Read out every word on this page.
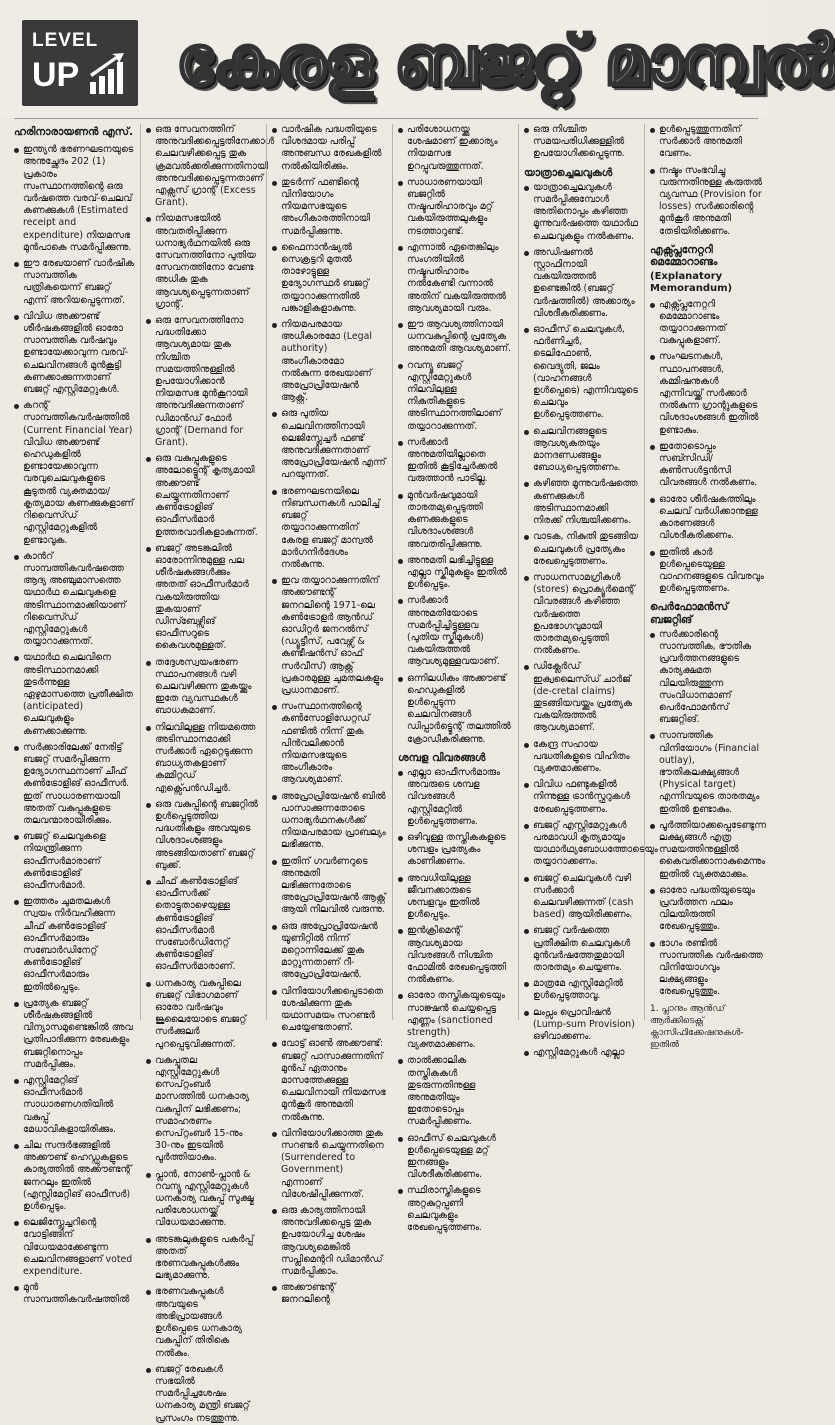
LEVEL
UP കേരള ബജറ്റ് മാന്വൽ
ഹരിനാരായണൻ എസ്.
ഇന്ത്യൻ ഭരണഘടനയുടെ അനുച്ഛേദം 202 (1) പ്രകാരം സംസ്ഥാനത്തിന്റെ ഒരു വർഷത്തെ വരവ്-ചെലവ് കണക്കുകൾ (Estimated receipt and expenditure) നിയമസഭ മുൻപാകെ സമർപ്പിക്കുന്നു.
ഈ രേഖയാണ് വാർഷിക സാമ്പത്തിക പത്രികയെന്ന് ബജറ്റ് എന്ന് അറിയപ്പെടുന്നത്.
വിവിധ അക്കൗണ്ട് ശീർഷകങ്ങളിൽ ഓരോ സാമ്പത്തിക വർഷവും ഉണ്ടായേക്കാവുന്ന വരവ്-ചെലവിനങ്ങൾ മുൻകൂട്ടി കണക്കാക്കുന്നതാണ് ബജറ്റ് എസ്റ്റിമേറ്റുകൾ.
കറന്റ് സാമ്പത്തികവർഷത്തിൽ (Current Financial Year) വിവിധ അക്കൗണ്ട് ഹെഡുകളിൽ ഉണ്ടായേക്കാവുന്ന വരവുചെലവുകളുടെ കൂടുതൽ വ്യക്തമായ/കൃത്യമായ കണക്കുകളാണ് റിവൈസ്ഡ് എസ്റ്റിമേറ്റുകളിൽ ഉണ്ടാവുക.
കാൻറ് സാമ്പത്തികവർഷത്തെ ആദ്യ അഞ്ചുമാസത്തെ യഥാർഥ ചെലവുകളെ അടിസ്ഥാനമാക്കിയാണ് റിവൈസ്ഡ് എസ്റ്റിമേറ്റുകൾ തയ്യാറാക്കുന്നത്.
യഥാർഥ ചെലവിനെ അടിസ്ഥാനമാക്കി തുടർന്നുള്ള ഏഴുമാസത്തെ പ്രതീക്ഷിത (anticipated) ചെലവുകളും കണക്കാക്കുന്നു.
സർക്കാരിലേക്ക് നേരിട്ട് ബജറ്റ് സമർപ്പിക്കുന്ന ഉദ്യോഗസ്ഥനാണ് ചീഫ് കൺട്രോളിങ് ഓഫീസർ. ഇത് സാധാരണയായി അതത് വകുപ്പുകളുടെ തലവന്മാരായിരിക്കും.
ബജറ്റ് ചെലവുകളെ നിയന്ത്രിക്കുന്ന ഓഫീസർമാരാണ് കൺട്രോളിങ് ഓഫീസർമാർ.
ഇത്തരം ചുമതലകൾ സ്വയം നിർവഹിക്കുന്ന ചീഫ് കൺട്രോളിങ് ഓഫീസർമാരും സബോർഡിനേറ്റ് കൺട്രോളിങ് ഓഫീസർമാരും ഇതിൽപ്പെടും.
പ്രത്യേക ബജറ്റ് ശീർഷകങ്ങളിൽ വിന്യാസമുണ്ടെങ്കിൽ അവ പ്രതിപാദിക്കുന്ന രേഖകളും ബജറ്റിനൊപ്പം സമർപ്പിക്കും.
എസ്റ്റിമേറ്റിങ് ഓഫീസർമാർ സാധാരണഗതിയിൽ വകുപ്പ് മേധാവികളായിരിക്കും.
ചില സന്ദർഭങ്ങളിൽ അക്കൗണ്ട് ഹെഡ്ഡുകളുടെ കാര്യത്തിൽ അക്കൗണ്ടന്റ് ജനറലും ഇതിൽ (എസ്റ്റിമേറ്റിങ് ഓഫീസർ) ഉൾപ്പെടും.
ലെജിസ്ലേച്ചറിന്റെ വോട്ടിങ്ങിന് വിധേയമാക്കേണ്ടുന്ന ചെലവിനങ്ങളാണ് voted expenditure.
മുൻ സാമ്പത്തികവർഷത്തിൽ
ഒരു സേവനത്തിന് അനുവദിക്കപ്പെട്ടതിനേക്കാൾ ചെലവഴിക്കപ്പെട്ട തുക ക്രമവൽക്കരിക്കുന്നതിനായി അനുവദിക്കപ്പെടുന്നതാണ് എക്സസ് ഗ്രാന്റ് (Excess Grant).
നിയമസഭയിൽ അവതരിപ്പിക്കുന്ന ധനാഭ്യർഥനയിൽ ഒരു സേവനത്തിനോ പുതിയ സേവനത്തിനോ വേണ്ട അധിക തുക ആവശ്യപ്പെടുന്നതാണ് ഗ്രാന്റ്.
ഒരു സേവനത്തിനോ പദ്ധതിക്കോ ആവശ്യമായ തുക നിശ്ചിത സമയത്തിനുള്ളിൽ ഉപയോഗിക്കാൻ നിയമസഭ മുൻകൂറായി അനുവദിക്കുന്നതാണ് ഡിമാൻഡ് ഫോർ ഗ്രാന്റ് (Demand for Grant).
ഒരു വകുപ്പുകളുടെ അലോട്ട്മെന്റ് കൃത്യമായി അക്കൗണ്ട് ചെയ്യുന്നതിനാണ് കൺട്രോളിങ് ഓഫീസർമാർ ഉത്തരവാദികളാകുന്നത്.
ബജറ്റ് അടങ്കലിൽ ഓരോന്നിനുമുള്ള പല ശീർഷകങ്ങൾക്കും അതത് ഓഫീസർമാർ വകയിരുത്തിയ തുകയാണ് ഡിസ്ബേഴ്സിങ് ഓഫീസറുടെ കൈവശമുള്ളത്.
തദ്ദേശസ്വയംഭരണ സ്ഥാപനങ്ങൾ വഴി ചെലവഴിക്കുന്ന തുകയ്ക്കും ഇതേ വ്യവസ്ഥകൾ ബാധകമാണ്.
നിലവിലുള്ള നിയമത്തെ അടിസ്ഥാനമാക്കി സർക്കാർ ഏറ്റെടുക്കുന്ന ബാധ്യതകളാണ് കമ്മിറ്റഡ് എക്സ്പെൻഡിച്ചർ.
ഒരു വകുപ്പിന്റെ ബജറ്റിൽ ഉൾപ്പെടുത്തിയ പദ്ധതികളും അവയുടെ വിശദാംശങ്ങളും അടങ്ങിയതാണ് ബജറ്റ് ബുക്ക്.
ചീഫ് കൺട്രോളിങ് ഓഫീസർക്ക് തൊട്ടുതാഴെയുള്ള കൺട്രോളിങ് ഓഫീസർമാർ സബോർഡിനേറ്റ് കൺട്രോളിങ് ഓഫീസർമാരാണ്.
ധനകാര്യ വകുപ്പിലെ ബജറ്റ് വിഭാഗമാണ് ഓരോ വർഷവും ജൂലൈയോടെ ബജറ്റ് സർക്കുലർ പുറപ്പെടുവിക്കുന്നത്.
വകുപ്പുതല എസ്റ്റിമേറ്റുകൾ സെപ്റ്റംബർ മാസത്തിൽ ധനകാര്യ വകുപ്പിന് ലഭിക്കണം; സമാഹരണം സെപ്റ്റംബർ 15-നും 30-നും ഇടയിൽ പൂർത്തിയാകും.
പ്ലാൻ, നോൺ-പ്ലാൻ & റവന്യൂ എസ്റ്റിമേറ്റുകൾ ധനകാര്യ വകുപ്പ് സൂക്ഷ്മ പരിശോധനയ്ക്ക് വിധേയമാക്കുന്നു.
അടങ്കലുകളുടെ പകർപ്പ് അതത് ഭരണവകുപ്പുകൾക്കും ലഭ്യമാക്കുന്നു.
ഭരണവകുപ്പുകൾ അവയുടെ അഭിപ്രായങ്ങൾ ഉൾപ്പെടെ ധനകാര്യ വകുപ്പിന് തിരികെ നൽകും.
ബജറ്റ് രേഖകൾ സഭയിൽ സമർപ്പിച്ചശേഷം ധനകാര്യ മന്ത്രി ബജറ്റ് പ്രസംഗം നടത്തുന്നു.
വാർഷിക പദ്ധതിയുടെ വിശദമായ പരിപ്പ് അനുബന്ധ രേഖകളിൽ നൽകിയിരിക്കും.
തുടർന്ന് ഫണ്ടിന്റെ വിനിയോഗം നിയമസഭയുടെ അംഗീകാരത്തിനായി സമർപ്പിക്കുന്നു.
ഫൈനാൻഷ്യൽ സെക്രട്ടറി മുതൽ താഴോട്ടുള്ള ഉദ്യോഗസ്ഥർ ബജറ്റ് തയ്യാറാക്കുന്നതിൽ പങ്കാളികളാകുന്നു.
നിയമപരമായ അധികാരമോ (Legal authority) അംഗീകാരമോ നൽകുന്ന രേഖയാണ് അപ്രോപ്രിയേഷൻ ആക്റ്റ്.
ഒരു പുതിയ ചെലവിനത്തിനായി ലെജിസ്ലേച്ചർ ഫണ്ട് അനുവദിക്കുന്നതാണ് അപ്രോപ്രിയേഷൻ എന്ന് പറയുന്നത്.
ഭരണഘടനയിലെ നിബന്ധനകൾ പാലിച്ച് ബജറ്റ് തയ്യാറാക്കുന്നതിന് കേരള ബജറ്റ് മാന്വൽ മാർഗനിർദേശം നൽകുന്നു.
ഇവ തയ്യാറാക്കുന്നതിന് അക്കൗണ്ടന്റ് ജനറലിന്റെ 1971-ലെ കൺട്രോളർ ആൻഡ് ഓഡിറ്റർ ജനറൽസ് (ഡ്യൂട്ടീസ്, പവേഴ്സ് & കണ്ടീഷൻസ് ഓഫ് സർവീസ്) ആക്റ്റ് പ്രകാരമുള്ള ചുമതലകളും പ്രധാനമാണ്.
സംസ്ഥാനത്തിന്റെ കൺസോളിഡേറ്റഡ് ഫണ്ടിൽ നിന്ന് തുക പിൻവലിക്കാൻ നിയമസഭയുടെ അംഗീകാരം ആവശ്യമാണ്.
അപ്രോപ്രിയേഷൻ ബിൽ പാസാക്കുന്നതോടെ ധനാഭ്യർഥനകൾക്ക് നിയമപരമായ പ്രാബല്യം ലഭിക്കുന്നു.
ഇതിന് ഗവർണറുടെ അനുമതി ലഭിക്കുന്നതോടെ അപ്രോപ്രിയേഷൻ ആക്റ്റ് ആയി നിലവിൽ വരുന്നു.
ഒരു അപ്രോപ്രിയേഷൻ യൂണിറ്റിൽ നിന്ന് മറ്റൊന്നിലേക്ക് തുക മാറ്റുന്നതാണ് റീ-അപ്രോപ്രിയേഷൻ.
വിനിയോഗിക്കപ്പെടാതെ ശേഷിക്കുന്ന തുക യഥാസമയം സറണ്ടർ ചെയ്യേണ്ടതാണ്.
വോട്ട് ഓൺ അക്കൗണ്ട്: ബജറ്റ് പാസാക്കുന്നതിന് മുൻപ് ഏതാനും മാസത്തേക്കുള്ള ചെലവിനായി നിയമസഭ മുൻകൂർ അനുമതി നൽകുന്നു.
വിനിയോഗിക്കാത്ത തുക സറണ്ടർ ചെയ്യുന്നതിനെ (Surrendered to Government) എന്നാണ് വിശേഷിപ്പിക്കുന്നത്.
ഒരു കാര്യത്തിനായി അനുവദിക്കപ്പെട്ട തുക ഉപയോഗിച്ച ശേഷം ആവശ്യമെങ്കിൽ സപ്ലിമെന്ററി ഡിമാൻഡ് സമർപ്പിക്കാം.
അക്കൗണ്ടന്റ് ജനറലിന്റെ
പരിശോധനയ്ക്കു ശേഷമാണ് ഇക്കാര്യം നിയമസഭ ഉറപ്പുവരുത്തുന്നത്.
സാധാരണയായി ബജറ്റിൽ നഷ്ടപരിഹാരവും മറ്റ് വകയിരുത്തലുകളും നടത്താറുണ്ട്.
എന്നാൽ ഏതെങ്കിലും സംഗതിയിൽ നഷ്ടപരിഹാരം നൽകേണ്ടി വന്നാൽ അതിന് വകയിരുത്തൽ ആവശ്യമായി വരും.
ഈ ആവശ്യത്തിനായി ധനവകുപ്പിന്റെ പ്രത്യേക അനുമതി ആവശ്യമാണ്.
റവന്യൂ ബജറ്റ് എസ്റ്റിമേറ്റുകൾ നിലവിലുള്ള നികുതികളുടെ അടിസ്ഥാനത്തിലാണ് തയ്യാറാക്കുന്നത്.
സർക്കാർ അനുമതിയില്ലാതെ ഇതിൽ കൂട്ടിച്ചേർക്കൽ വരുത്താൻ പാടില്ല.
മുൻവർഷവുമായി താരതമ്യപ്പെടുത്തി കണക്കുകളുടെ വിശദാംശങ്ങൾ അവതരിപ്പിക്കുന്നു.
അനുമതി ലഭിച്ചിട്ടുള്ള എല്ലാ സ്കീമുകളും ഇതിൽ ഉൾപ്പെടും.
സർക്കാർ അനുമതിയോടെ സമർപ്പിച്ചിട്ടുള്ളവ (പുതിയ സ്കീമുകൾ) വകയിരുത്തൽ ആവശ്യമുള്ളവയാണ്.
ഒന്നിലധികം അക്കൗണ്ട് ഹെഡുകളിൽ ഉൾപ്പെടുന്ന ചെലവിനങ്ങൾ ഡിപ്പാർട്ട്മെന്റ് തലത്തിൽ ക്രോഡീകരിക്കുന്നു.
ശമ്പള വിവരങ്ങൾ
എല്ലാ ഓഫീസർമാരും അവരുടെ ശമ്പള വിവരങ്ങൾ എസ്റ്റിമേറ്റിൽ ഉൾപ്പെടുത്തണം.
ഒഴിവുള്ള തസ്തികകളുടെ ശമ്പളം പ്രത്യേകം കാണിക്കണം.
അവധിയിലുള്ള ജീവനക്കാരുടെ ശമ്പളവും ഇതിൽ ഉൾപ്പെടും.
ഇൻക്രിമെന്റ് ആവശ്യമായ വിവരങ്ങൾ നിശ്ചിത ഫോമിൽ രേഖപ്പെടുത്തി നൽകണം.
ഓരോ തസ്തികയുടെയും സാങ്ക്ഷൻ ചെയ്യപ്പെട്ട എണ്ണം (sanctioned strength) വ്യക്തമാക്കണം.
താൽക്കാലിക തസ്തികകൾ തുടരുന്നതിനുള്ള അനുമതിയും ഇതോടൊപ്പം സമർപ്പിക്കണം.
ഓഫീസ് ചെലവുകൾ ഉൾപ്പെടെയുള്ള മറ്റ് ഇനങ്ങളും വിശദീകരിക്കണം.
സ്ഥിരാസ്തികളുടെ അറ്റകുറ്റപ്പണി ചെലവുകളും രേഖപ്പെടുത്തണം.
ഒരു നിശ്ചിത സമയപരിധിക്കുള്ളിൽ ഉപയോഗിക്കപ്പെടുന്നു.
യാത്രാച്ചെലവുകൾ
യാത്രാച്ചെലവുകൾ സമർപ്പിക്കുമ്പോൾ അതിനൊപ്പം കഴിഞ്ഞ മൂന്നുവർഷത്തെ യഥാർഥ ചെലവുകളും നൽകണം.
അഡിഷണൽ സ്റ്റാഫിനായി വകയിരുത്തൽ ഉണ്ടെങ്കിൽ (ബജറ്റ് വർഷത്തിൽ) അക്കാര്യം വിശദീകരിക്കണം.
ഓഫീസ് ചെലവുകൾ, ഫർണിച്ചർ, ടെലിഫോൺ, വൈദ്യുതി, ജലം (വാഹനങ്ങൾ ഉൾപ്പെടെ) എന്നിവയുടെ ചെലവും ഉൾപ്പെടുത്തണം.
ചെലവിനങ്ങളുടെ ആവശ്യകതയും മാനദണ്ഡങ്ങളും ബോധ്യപ്പെടുത്തണം.
കഴിഞ്ഞ മൂന്നുവർഷത്തെ കണക്കുകൾ അടിസ്ഥാനമാക്കി നിരക്ക് നിശ്ചയിക്കണം.
വാടക, നികുതി തുടങ്ങിയ ചെലവുകൾ പ്രത്യേകം രേഖപ്പെടുത്തണം.
സാധനസാമഗ്രികൾ (stores) പ്രൊക്യൂർമെന്റ് വിവരങ്ങൾ കഴിഞ്ഞ വർഷത്തെ ഉപഭോഗവുമായി താരതമ്യപ്പെടുത്തി നൽകണം.
ഡിക്ലേർഡ് ഇക്വലൈസ്ഡ് ചാർജ് (de-cretal claims) തുടങ്ങിയവയ്ക്കും പ്രത്യേക വകയിരുത്തൽ ആവശ്യമാണ്.
കേന്ദ്ര സഹായ പദ്ധതികളുടെ വിഹിതം വ്യക്തമാക്കണം.
വിവിധ ഫണ്ടുകളിൽ നിന്നുള്ള ട്രാൻസ്ഫറുകൾ രേഖപ്പെടുത്തണം.
ബജറ്റ് എസ്റ്റിമേറ്റുകൾ പരമാവധി കൃത്യമായും യാഥാർഥ്യബോധത്തോടെയും തയ്യാറാക്കണം.
ബജറ്റ് ചെലവുകൾ വഴി സർക്കാർ ചെലവഴിക്കുന്നത് (cash based) ആയിരിക്കണം.
ബജറ്റ് വർഷത്തെ പ്രതീക്ഷിത ചെലവുകൾ മുൻവർഷത്തേതുമായി താരതമ്യം ചെയ്യണം.
മാത്രമേ എസ്റ്റിമേറ്റിൽ ഉൾപ്പെടുത്താവൂ.
ലംപ്സം പ്രൊവിഷൻ (Lump-sum Provision) ഒഴിവാക്കണം.
എസ്റ്റിമേറ്റുകൾ എല്ലാ
ഉൾപ്പെടുത്തുന്നതിന് സർക്കാർ അനുമതി വേണം.
നഷ്ടം സംഭവിച്ചു വരുന്നതിനുള്ള കരുതൽ വ്യവസ്ഥ (Provision for losses) സർക്കാരിൻ്റെ മുൻകൂർ അനുമതി തേടിയിരിക്കണം.
എക്സ്പ്ലനേറ്ററി മെമ്മോറാണ്ടം
(Explanatory Memorandum)
എക്സ്പ്ലനേറ്ററി മെമ്മോറാണ്ടം തയ്യാറാക്കുന്നത് വകുപ്പുകളാണ്.
സംഘടനകൾ, സ്ഥാപനങ്ങൾ, കമ്മിഷനുകൾ എന്നിവയ്ക്ക് സർക്കാർ നൽകുന്ന ഗ്രാന്റുകളുടെ വിശദാംശങ്ങൾ ഇതിൽ ഉണ്ടാകും.
ഇതോടൊപ്പം സബ്സിഡി/കൺസൾട്ടൻസി വിവരങ്ങൾ നൽകണം.
ഓരോ ശീർഷകത്തിലും ചെലവ് വർധിക്കാനുള്ള കാരണങ്ങൾ വിശദീകരിക്കണം.
ഇതിൽ കാർ ഉൾപ്പെടെയുള്ള വാഹനങ്ങളുടെ വിവരവും ഉൾപ്പെടുത്തണം.
പെർഫോമൻസ് ബജറ്റിങ്
സർക്കാരിന്റെ സാമ്പത്തിക, ഭൗതിക പ്രവർത്തനങ്ങളുടെ കാര്യക്ഷമത വിലയിരുത്തുന്ന സംവിധാനമാണ് പെർഫോമൻസ് ബജറ്റിങ്.
സാമ്പത്തിക വിനിയോഗം (Financial outlay), ഭൗതികലക്ഷ്യങ്ങൾ (Physical target) എന്നിവയുടെ താരതമ്യം ഇതിൽ ഉണ്ടാകും.
പൂർത്തിയാക്കപ്പെടേണ്ടുന്ന ലക്ഷ്യങ്ങൾ എത്ര സമയത്തിനുള്ളിൽ കൈവരിക്കാനാകുമെന്നും ഇതിൽ വ്യക്തമാക്കും.
ഓരോ പദ്ധതിയുടെയും പ്രവർത്തന ഫലം വിലയിരുത്തി രേഖപ്പെടുത്തും.
ഭാഗം രണ്ടിൽ സാമ്പത്തിക വർഷത്തെ വിനിയോഗവും ലക്ഷ്യങ്ങളും രേഖപ്പെടുത്തും.
1. പ്ലാനും ആൻഡ് ആർക്കിടെക്റ്റ് ക്ലാസിഫിക്കേഷനുകൾ- ഇതിൽ
